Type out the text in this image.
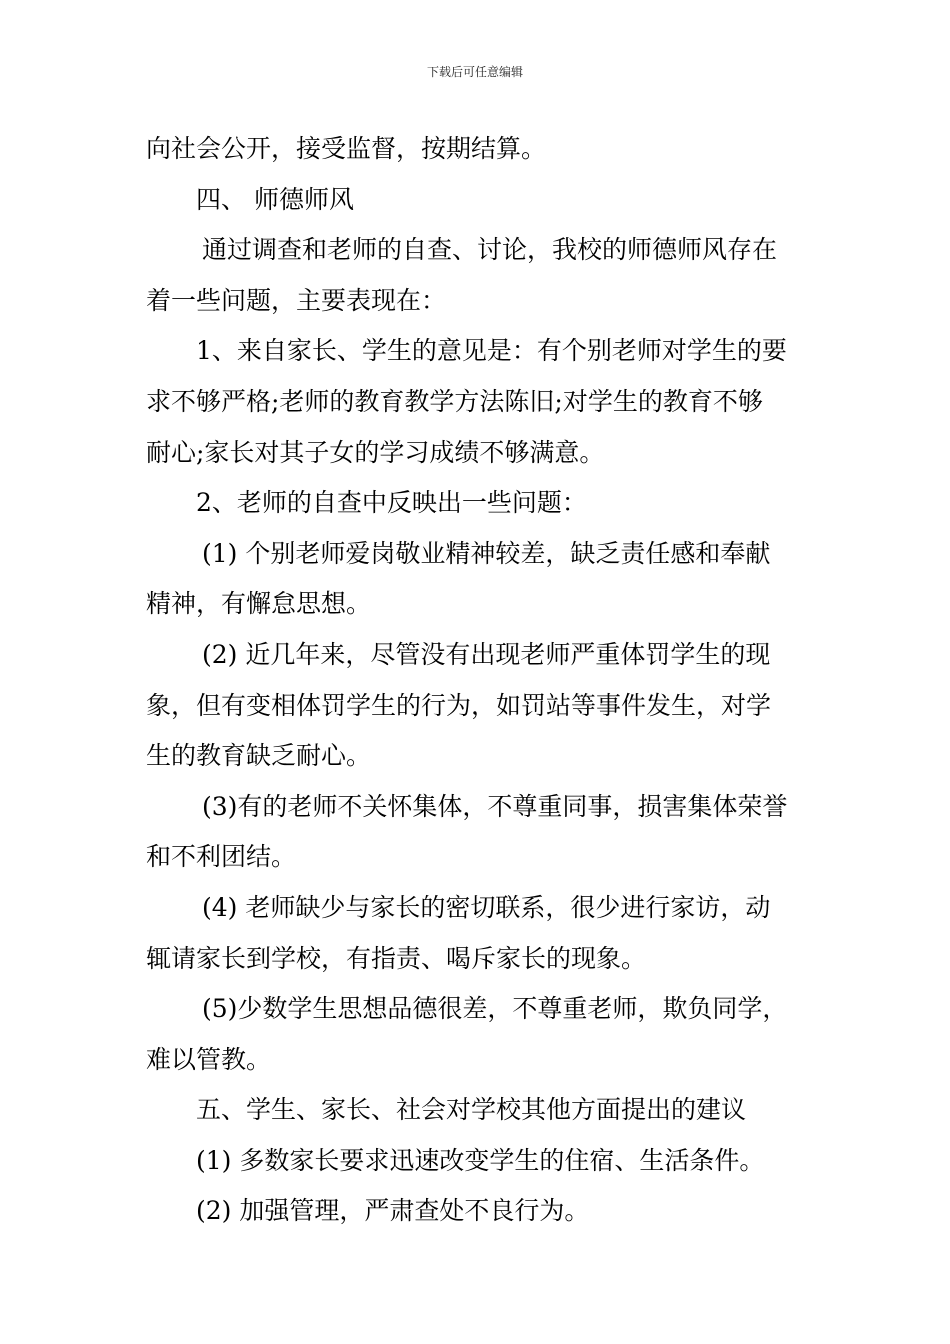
下载后可任意编辑
向社会公开，接受监督，按期结算。
四、 师德师风
通过调查和老师的自查、讨论，我校的师德师风存在
着一些问题，主要表现在：
1、来自家长、学生的意见是：有个别老师对学生的要
求不够严格;老师的教育教学方法陈旧;对学生的教育不够
耐心;家长对其子女的学习成绩不够满意。
2、老师的自查中反映出一些问题：
(1) 个别老师爱岗敬业精神较差，缺乏责任感和奉献
精神，有懈怠思想。
(2) 近几年来，尽管没有出现老师严重体罚学生的现
象，但有变相体罚学生的行为，如罚站等事件发生，对学
生的教育缺乏耐心。
(3)有的老师不关怀集体，不尊重同事，损害集体荣誉
和不利团结。
(4) 老师缺少与家长的密切联系，很少进行家访，动
辄请家长到学校，有指责、喝斥家长的现象。
(5)少数学生思想品德很差，不尊重老师，欺负同学，
难以管教。
五、学生、家长、社会对学校其他方面提出的建议
(1) 多数家长要求迅速改变学生的住宿、生活条件。
(2) 加强管理，严肃查处不良行为。
